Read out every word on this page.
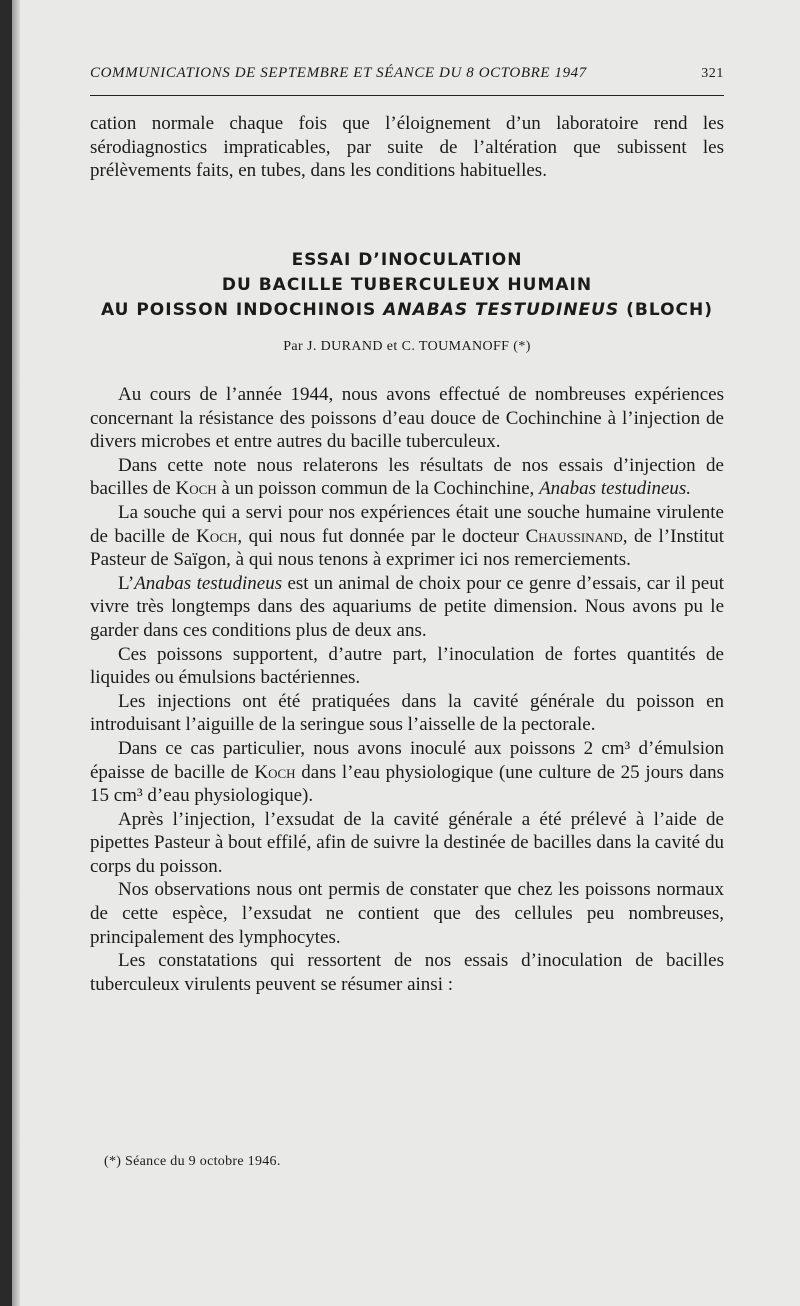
COMMUNICATIONS DE SEPTEMBRE ET SÉANCE DU 8 OCTOBRE 1947	321

cation normale chaque fois que l’éloignement d’un laboratoire rend les sérodiagnostics impraticables, par suite de l’altération que subissent les prélèvements faits, en tubes, dans les conditions habituelles.

ESSAI D’INOCULATION
DU BACILLE TUBERCULEUX HUMAIN
AU POISSON INDOCHINOIS ANABAS TESTUDINEUS (BLOCH)
Par J. DURAND et C. TOUMANOFF (*)

Au cours de l’année 1944, nous avons effectué de nombreuses expériences concernant la résistance des poissons d’eau douce de Cochinchine à l’injection de divers microbes et entre autres du bacille tuberculeux.

Dans cette note nous relaterons les résultats de nos essais d’injection de bacilles de Koch à un poisson commun de la Cochinchine, Anabas testudineus.

La souche qui a servi pour nos expériences était une souche humaine virulente de bacille de Koch, qui nous fut donnée par le docteur Chaussinand, de l’Institut Pasteur de Saïgon, à qui nous tenons à exprimer ici nos remerciements.

L’Anabas testudineus est un animal de choix pour ce genre d’essais, car il peut vivre très longtemps dans des aquariums de petite dimension. Nous avons pu le garder dans ces conditions plus de deux ans.

Ces poissons supportent, d’autre part, l’inoculation de fortes quantités de liquides ou émulsions bactériennes.

Les injections ont été pratiquées dans la cavité générale du poisson en introduisant l’aiguille de la seringue sous l’aisselle de la pectorale.

Dans ce cas particulier, nous avons inoculé aux poissons 2 cm³ d’émulsion épaisse de bacille de Koch dans l’eau physiologique (une culture de 25 jours dans 15 cm³ d’eau physiologique).

Après l’injection, l’exsudat de la cavité générale a été prélevé à l’aide de pipettes Pasteur à bout effilé, afin de suivre la destinée de bacilles dans la cavité du corps du poisson.

Nos observations nous ont permis de constater que chez les poissons normaux de cette espèce, l’exsudat ne contient que des cellules peu nombreuses, principalement des lymphocytes.

Les constatations qui ressortent de nos essais d’inoculation de bacilles tuberculeux virulents peuvent se résumer ainsi :

(*) Séance du 9 octobre 1946.
